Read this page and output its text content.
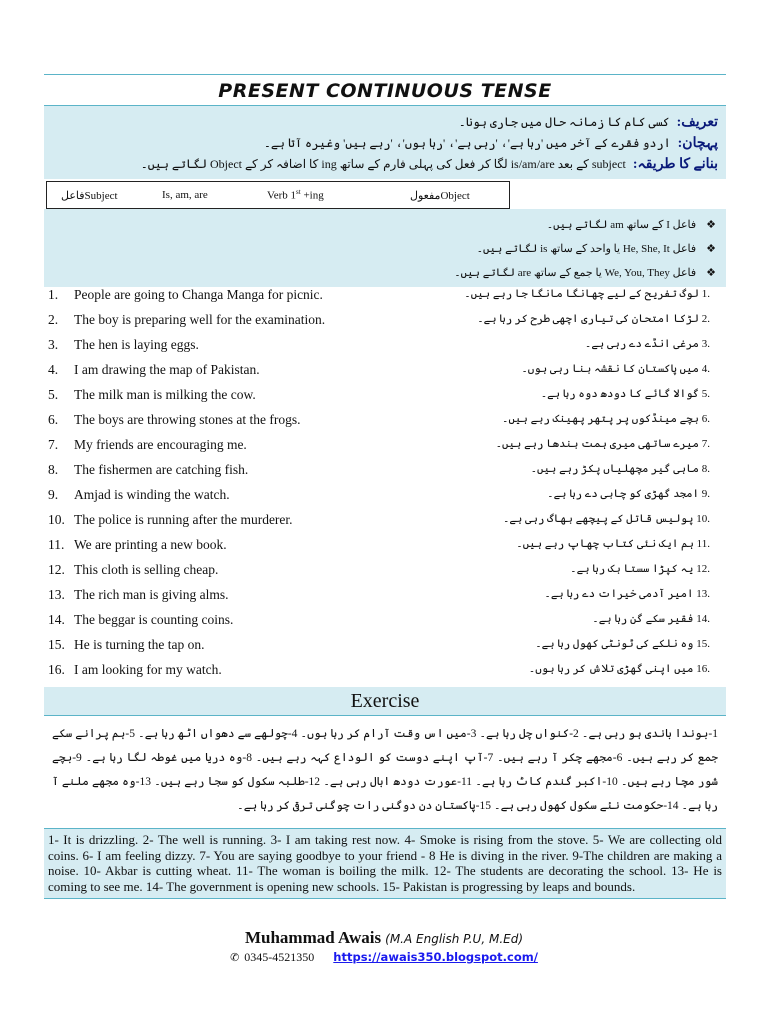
PRESENT CONTINUOUS TENSE
تعریف: کسی کام کا زمانہ حال میں جاری ہونا۔
پہچان: اردو فقرے کے آخر میں 'رہا ہے'، 'رہی ہے'، 'رہا ہوں'، 'رہے ہیں' وغیرہ آتا ہے۔
بنانے کا طریقہ: subject کے بعد is/am/are لگا کر فعل کی پہلی فارم کے ساتھ ing کا اضافہ کر کے Object لگاتے ہیں۔
فاعلSubject	Is, am, are	Verb 1st +ing	مفعولObject
❖فاعل I کے ساتھ am لگاتے ہیں۔
❖فاعل He, She, It یا واحد کے ساتھ is لگاتے ہیں۔
❖فاعل We, You, They یا جمع کے ساتھ are لگاتے ہیں۔
1. People are going to Changa Manga for picnic.	.1 لوگ تفریح کے لیے چھانگا مانگا جا رہے ہیں۔
2. The boy is preparing well for the examination.	.2 لڑکا امتحان کی تیاری اچھی طرح کر رہا ہے۔
3. The hen is laying eggs.	.3 مرغی انڈے دے رہی ہے۔
4. I am drawing the map of Pakistan.	.4 میں پاکستان کا نقشہ بنا رہی ہوں۔
5. The milk man is milking the cow.	.5 گوالا گائے کا دودھ دوہ رہا ہے۔
6. The boys are throwing stones at the frogs.	.6 بچے مینڈکوں پر پتھر پھینک رہے ہیں۔
7. My friends are encouraging me.	.7 میرے ساتھی میری ہمت بندھا رہے ہیں۔
8. The fishermen are catching fish.	.8 ماہی گیر مچھلیاں پکڑ رہے ہیں۔
9. Amjad is winding the watch.	.9 امجد گھڑی کو چابی دے رہا ہے۔
10. The police is running after the murderer.	.10 پولیس قاتل کے پیچھے بھاگ رہی ہے۔
11. We are printing a new book.	.11 ہم ایک نئی کتاب چھاپ رہے ہیں۔
12. This cloth is selling cheap.	.12 یہ کپڑا سستا بک رہا ہے۔
13. The rich man is giving alms.	.13 امیر آدمی خیرات دے رہا ہے۔
14. The beggar is counting coins.	.14 فقیر سکے گن رہا ہے۔
15. He is turning the tap on.	.15 وہ نلکے کی ٹونٹی کھول رہا ہے۔
16. I am looking for my watch.	.16 میں اپنی گھڑی تلاش کر رہا ہوں۔
Exercise
1-بوندا باندی ہو رہی ہے۔ 2-کنواں چل رہا ہے۔ 3-میں اس وقت آرام کر رہا ہوں۔ 4-چولھے سے دھواں اٹھ رہا ہے۔ 5-ہم پرانے سکے جمع کر رہے ہیں۔ 6-مجھے چکر آ رہے ہیں۔ 7-آپ اپنے دوست کو الوداع کہہ رہے ہیں۔ 8-وہ دریا میں غوطہ لگا رہا ہے۔ 9-بچے شور مچا رہے ہیں۔ 10-اکبر گندم کاٹ رہا ہے۔ 11-عورت دودھ ابال رہی ہے۔ 12-طلبہ سکول کو سجا رہے ہیں۔ 13-وہ مجھے ملنے آ رہا ہے۔ 14-حکومت نئے سکول کھول رہی ہے۔ 15-پاکستان دن دوگنی رات چوگنی ترقی کر رہا ہے۔
1- It is drizzling. 2- The well is running. 3- I am taking rest now. 4- Smoke is rising from the stove. 5- We are collecting old coins. 6- I am feeling dizzy. 7- You are saying goodbye to your friend - 8 He is diving in the river. 9-The children are making a noise. 10- Akbar is cutting wheat. 11- The woman is boiling the milk. 12- The students are decorating the school. 13- He is coming to see me. 14- The government is opening new schools. 15- Pakistan is progressing by leaps and bounds.
Muhammad Awais (M.A English P.U, M.Ed)
✆ 0345-4521350 https://awais350.blogspot.com/
